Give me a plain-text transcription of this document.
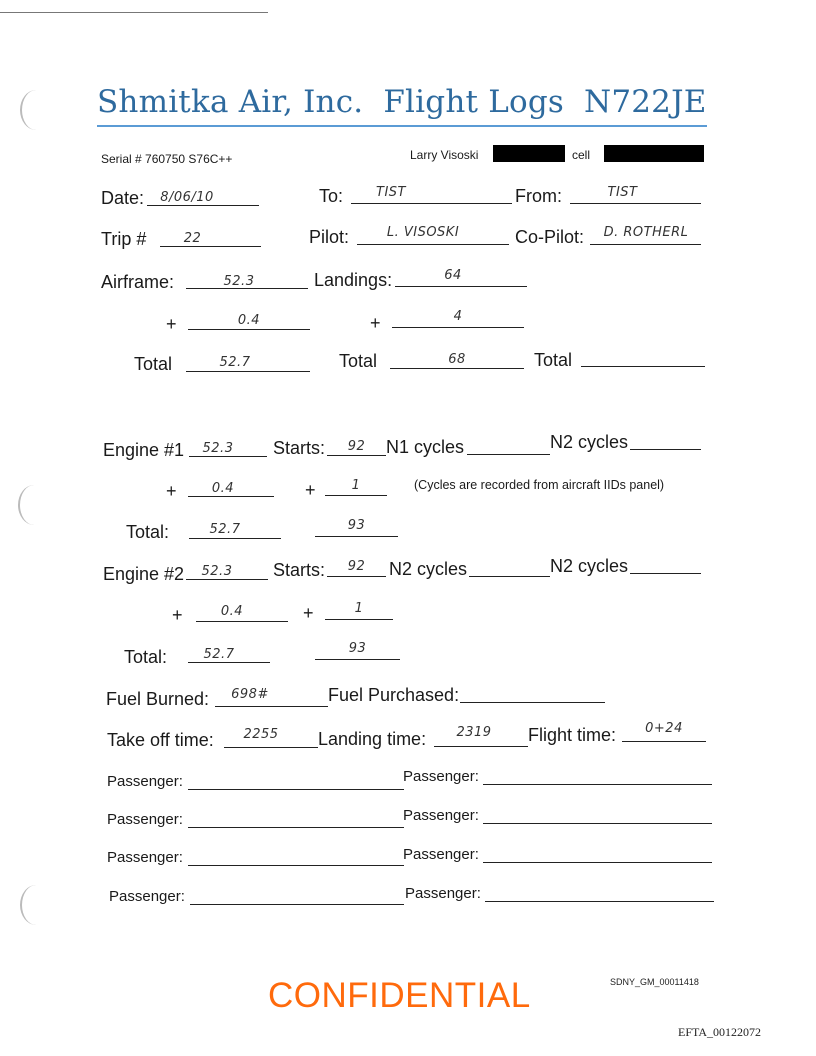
Shmitka Air, Inc. Flight Logs N722JE
Serial # 760750 S76C++	Larry Visoski	cell
Date:	8/06/10	To:	TIST	From:	TIST
Trip #	22	Pilot:	L. VISOSKI	Co-Pilot:	D. ROTHERL
Airframe:	52.3	Landings:	64
+	0.4	+	4
Total	52.7	Total	68	Total
Engine #1	52.3	Starts:	92	N1 cycles	N2 cycles
+	0.4	+	1	(Cycles are recorded from aircraft IIDs panel)
Total:	52.7	93
Engine #2	52.3	Starts:	92	N2 cycles	N2 cycles
+	0.4	+	1
Total:	52.7	93
Fuel Burned:	698#	Fuel Purchased:
Take off time:	2255	Landing time:	2319	Flight time:	0+24
Passenger:	Passenger:
Passenger:	Passenger:
Passenger:	Passenger:
Passenger:	Passenger:
CONFIDENTIAL	SDNY_GM_00011418
EFTA_00122072
